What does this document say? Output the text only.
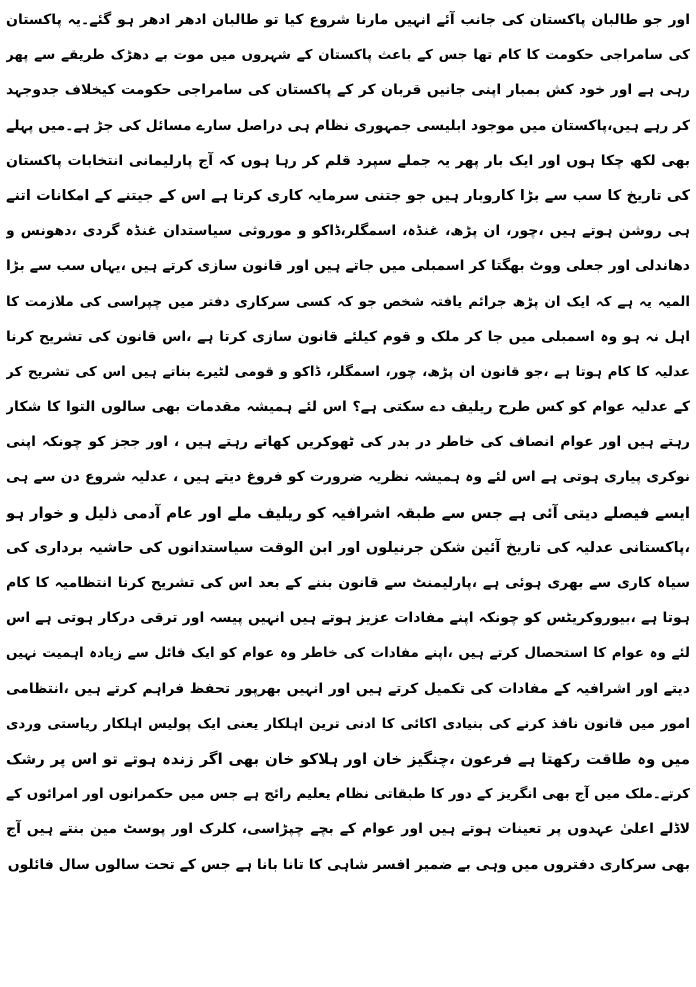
اور جو طالبان پاکستان کی جانب آئے انہیں مارنا شروع کیا تو طالبان ادھر ادھر ہو گئے۔یہ پاکستان
کی سامراجی حکومت کا کام تھا جس کے باعث پاکستان کے شہروں میں موت بے دھڑک طریقے سے پھر
رہی ہے اور خود کش بمبار اپنی جانیں قربان کر کے پاکستان کی سامراجی حکومت کیخلاف جدوجہد
کر رہے ہیں،پاکستان میں موجود ابلیسی جمہوری نظام ہی دراصل سارے مسائل کی جڑ ہے۔میں پہلے
بھی لکھ چکا ہوں اور ایک بار پھر یہ جملے سپرد قلم کر رہا ہوں کہ آج پارلیمانی انتخابات پاکستان
کی تاریخ کا سب سے بڑا کاروبار ہیں جو جتنی سرمایہ کاری کرتا ہے اس کے جیتنے کے امکانات اتنے
ہی روشن ہوتے ہیں ،چور، ان پڑھ، غنڈہ، اسمگلر،ڈاکو و موروثی سیاستدان غنڈہ گردی ،دھونس و
دھاندلی اور جعلی ووٹ بھگتا کر اسمبلی میں جاتے ہیں اور قانون سازی کرتے ہیں ،یہاں سب سے بڑا
المیہ یہ ہے کہ ایک ان پڑھ جرائم یافتہ شخص جو کہ کسی سرکاری دفتر میں چپراسی کی ملازمت کا
اہل نہ ہو وہ اسمبلی میں جا کر ملک و قوم کیلئے قانون سازی کرتا ہے ،اس قانون کی تشریح کرنا
عدلیہ کا کام ہوتا ہے ،جو قانون ان پڑھ، چور، اسمگلر، ڈاکو و قومی لٹیرے بناتے ہیں اس کی تشریح کر
کے عدلیہ عوام کو کس طرح ریلیف دے سکتی ہے؟ اس لئے ہمیشہ مقدمات بھی سالوں التوا کا شکار
رہتے ہیں اور عوام انصاف کی خاطر در بدر کی ٹھوکریں کھاتے رہتے ہیں ، اور ججز کو چونکہ اپنی
نوکری پیاری ہوتی ہے اس لئے وہ ہمیشہ نظریہ ضرورت کو فروغ دیتے ہیں ، عدلیہ شروع دن سے ہی
ایسے فیصلے دیتی آئی ہے جس سے طبقہ اشرافیہ کو ریلیف ملے اور عام آدمی ذلیل و خوار ہو
،پاکستانی عدلیہ کی تاریخ آئین شکن جرنیلوں اور ابن الوقت سیاستدانوں کی حاشیہ برداری کی
سیاہ کاری سے بھری ہوئی ہے ،پارلیمنٹ سے قانون بننے کے بعد اس کی تشریح کرنا انتظامیہ کا کام
ہوتا ہے ،بیوروکریٹس کو چونکہ اپنے مفادات عزیز ہوتے ہیں انہیں پیسہ اور ترقی درکار ہوتی ہے اس
لئے وہ عوام کا استحصال کرتے ہیں ،اپنے مفادات کی خاطر وہ عوام کو ایک فائل سے زیادہ اہمیت نہیں
دیتے اور اشرافیہ کے مفادات کی تکمیل کرتے ہیں اور انہیں بھرپور تحفظ فراہم کرتے ہیں ،انتظامی
امور میں قانون نافذ کرنے کی بنیادی اکائی کا ادنی ترین اہلکار یعنی ایک پولیس اہلکار ریاستی وردی
میں وہ طاقت رکھتا ہے فرعون ،چنگیز خان اور ہلاکو خان بھی اگر زندہ ہوتے تو اس پر رشک
کرتے۔ملک میں آج بھی انگریز کے دور کا طبقاتی نظام یعلیم رائج ہے جس میں حکمرانوں اور امرائوں کے
لاڈلے اعلیٰ عہدوں پر تعینات ہوتے ہیں اور عوام کے بچے چپڑاسی، کلرک اور پوسٹ مین بنتے ہیں آج
بھی سرکاری دفتروں میں وہی بے ضمیر افسر شاہی کا تانا بانا ہے جس کے تحت سالوں سال فائلوں
